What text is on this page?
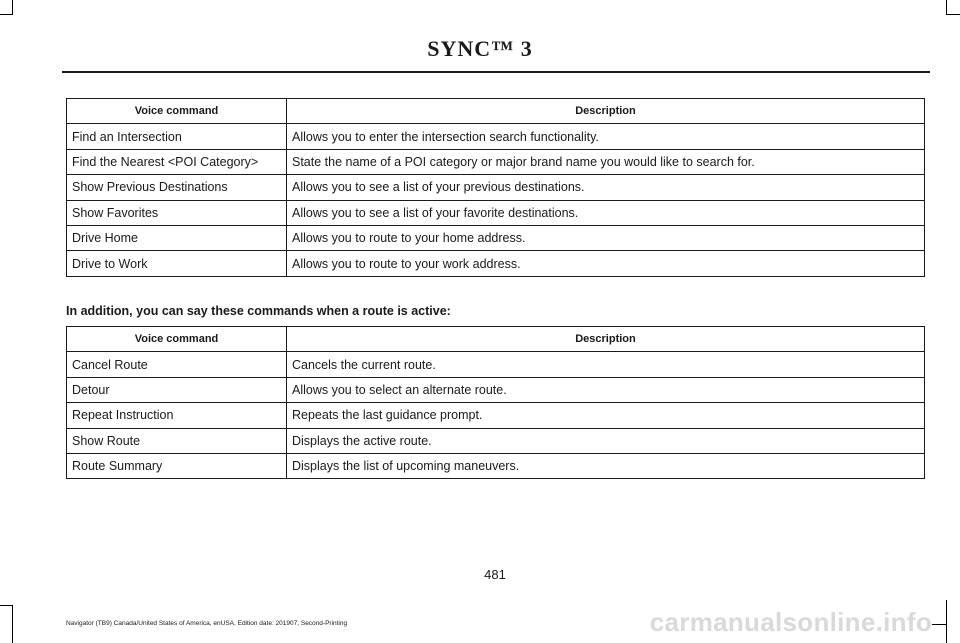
SYNC™ 3
Voice command	Description
Find an Intersection	Allows you to enter the intersection search functionality.
Find the Nearest <POI Category>	State the name of a POI category or major brand name you would like to search for.
Show Previous Destinations	Allows you to see a list of your previous destinations.
Show Favorites	Allows you to see a list of your favorite destinations.
Drive Home	Allows you to route to your home address.
Drive to Work	Allows you to route to your work address.
In addition, you can say these commands when a route is active:
Voice command	Description
Cancel Route	Cancels the current route.
Detour	Allows you to select an alternate route.
Repeat Instruction	Repeats the last guidance prompt.
Show Route	Displays the active route.
Route Summary	Displays the list of upcoming maneuvers.
481
Navigator (TB9) Canada/United States of America, enUSA, Edition date: 201907, Second-Printing	carmanualsonline.info
